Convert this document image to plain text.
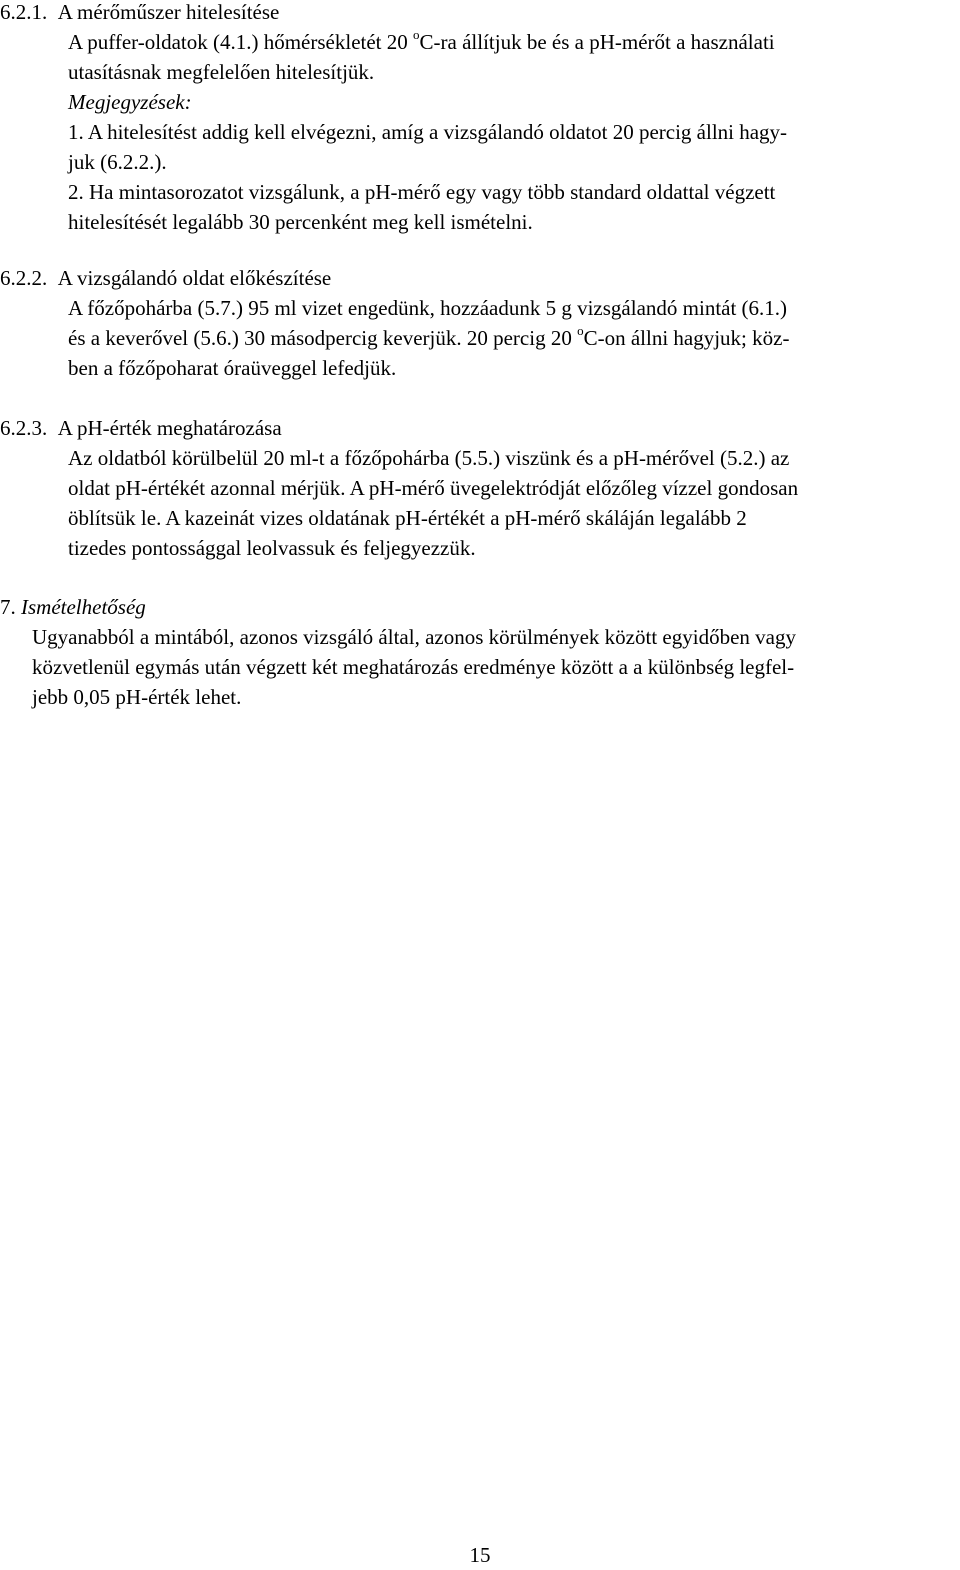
6.2.1.  A mérőműszer hitelesítése
A puffer-oldatok (4.1.) hőmérsékletét 20 $^o$C-ra állítjuk be és a pH-mérőt a használati
utasításnak megfelelően hitelesítjük.
Megjegyzések:
1. A hitelesítést addig kell elvégezni, amíg a vizsgálandó oldatot 20 percig állni hagy-
juk (6.2.2.).
2. Ha mintasorozatot vizsgálunk, a pH-mérő egy vagy több standard oldattal végzett
hitelesítését legalább 30 percenként meg kell ismételni.
6.2.2.  A vizsgálandó oldat előkészítése
A főzőpohárba (5.7.) 95 ml vizet engedünk, hozzáadunk 5 g vizsgálandó mintát (6.1.)
és a keverővel (5.6.) 30 másodpercig keverjük. 20 percig 20 $^o$C-on állni hagyjuk; köz-
ben a főzőpoharat óraüveggel lefedjük.
6.2.3.  A pH-érték meghatározása
Az oldatból körülbelül 20 ml-t a főzőpohárba (5.5.) viszünk és a pH-mérővel (5.2.) az
oldat pH-értékét azonnal mérjük. A pH-mérő üvegelektródját előzőleg vízzel gondosan
öblítsük le. A kazeinát vizes oldatának pH-értékét a pH-mérő skáláján legalább 2
tizedes pontossággal leolvassuk és feljegyezzük.
7. Ismételhetőség
Ugyanabból a mintából, azonos vizsgáló által, azonos körülmények között egyidőben vagy
közvetlenül egymás után végzett két meghatározás eredménye között a a különbség legfel-
jebb 0,05 pH-érték lehet.
15
